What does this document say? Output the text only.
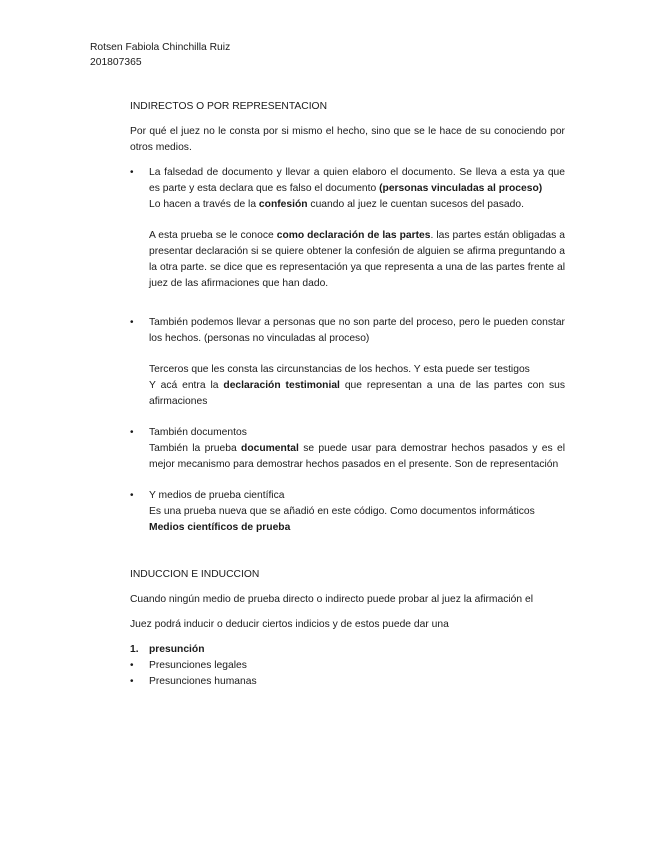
Rotsen Fabiola Chinchilla Ruiz
201807365

INDIRECTOS O POR REPRESENTACION

Por qué el juez no le consta por si mismo el hecho, sino que se le hace de su conociendo por otros medios.

•	La falsedad de documento y llevar a quien elaboro el documento. Se lleva a esta ya que es parte y esta declara que es falso el documento (personas vinculadas al proceso)

Lo hacen a través de la confesión cuando al juez le cuentan sucesos del pasado.

A esta prueba se le conoce como declaración de las partes. las partes están obligadas a presentar declaración si se quiere obtener la confesión de alguien se afirma preguntando a la otra parte. se dice que es representación ya que representa a una de las partes frente al juez de las afirmaciones que han dado.

•	También podemos llevar a personas que no son parte del proceso, pero le pueden constar los hechos. (personas no vinculadas al proceso)

Terceros que les consta las circunstancias de los hechos. Y esta puede ser testigos

Y acá entra la declaración testimonial que representan a una de las partes con sus afirmaciones

•	También documentos

También la prueba documental se puede usar para demostrar hechos pasados y es el mejor mecanismo para demostrar hechos pasados en el presente. Son de representación

•	Y medios de prueba científica

Es una prueba nueva que se añadió en este código. Como documentos informáticos

Medios científicos de prueba

INDUCCION E INDUCCION

Cuando ningún medio de prueba directo o indirecto puede probar al juez la afirmación el

Juez podrá inducir o deducir ciertos indicios y de estos puede dar una

1. presunción
•	Presunciones legales
•	Presunciones humanas
